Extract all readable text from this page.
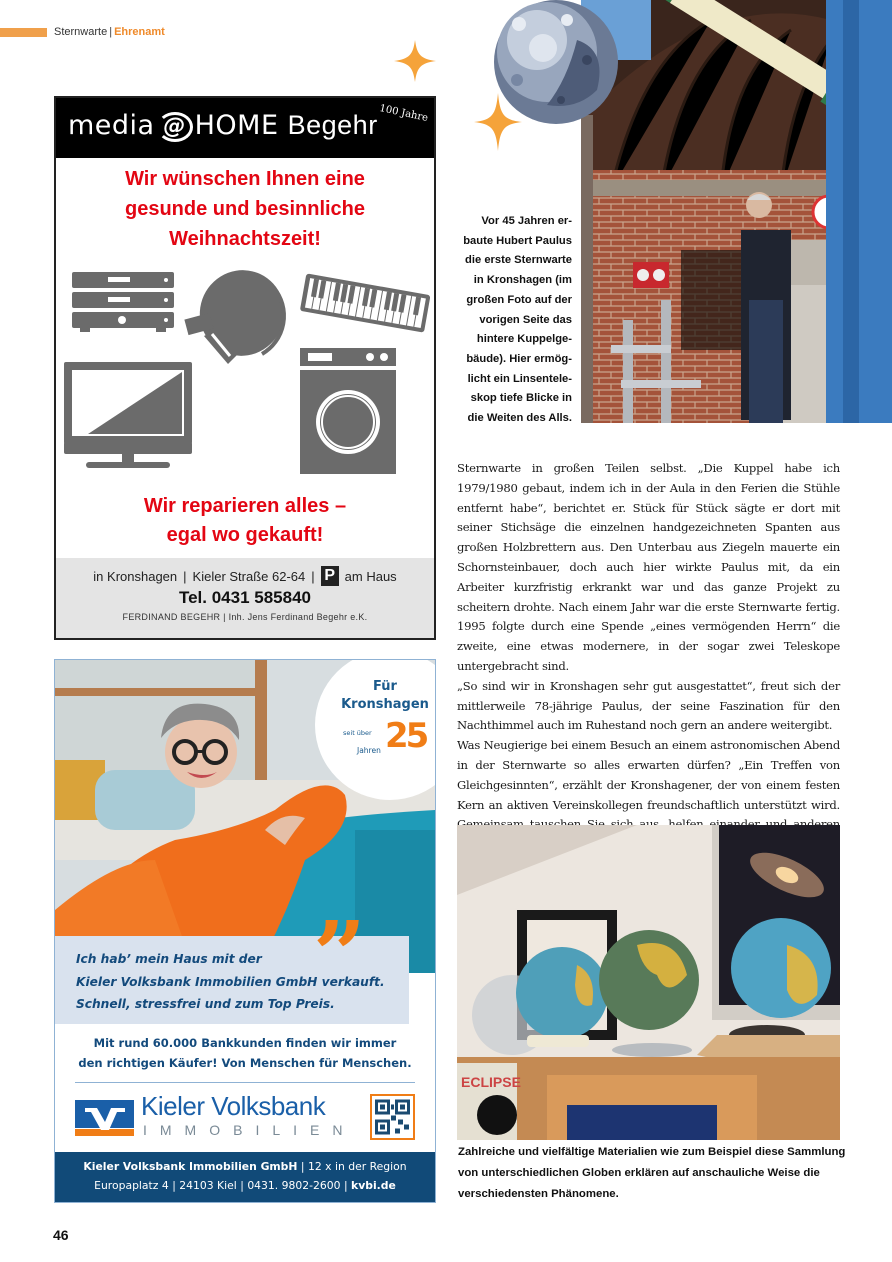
Sternwarte | Ehrenamt
media @ HOME Begehr 100 Jahre
Wir wünschen Ihnen eine
gesunde und besinnliche
Weihnachtszeit!
Wir reparieren alles –
egal wo gekauft!
in Kronshagen | Kieler Straße 62-64 | P am Haus
Tel. 0431 585840
FERDINAND BEGEHR | Inh. Jens Ferdinand Begehr e.K.
Vor 45 Jahren er-
baute Hubert Paulus
die erste Sternwarte
in Kronshagen (im
großen Foto auf der
vorigen Seite das
hintere Kuppelge-
bäude). Hier ermög-
licht ein Linsentele-
skop tiefe Blicke in
die Weiten des Alls.

Sternwarte in großen Teilen selbst. „Die Kuppel habe ich 1979/1980 gebaut, indem ich in der Aula in den Ferien die Stühle entfernt habe“, berichtet er. Stück für Stück sägte er dort mit seiner Stichsäge die einzelnen handgezeichneten Spanten aus großen Holzbrettern aus. Den Unterbau aus Ziegeln mauerte ein Schornsteinbauer, doch auch hier wirkte Paulus mit, da ein Arbeiter kurzfristig erkrankt war und das ganze Projekt zu scheitern drohte. Nach einem Jahr war die erste Sternwarte fertig. 1995 folgte durch eine Spende „eines vermögenden Herrn“ die zweite, eine etwas modernere, in der sogar zwei Teleskope untergebracht sind.

„So sind wir in Kronshagen sehr gut ausgestattet“, freut sich der mittlerweile 78-jährige Paulus, der seine Faszination für den Nachthimmel auch im Ruhestand noch gern an andere weitergibt.

Was Neugierige bei einem Besuch an einem astronomischen Abend in der Sternwarte so alles erwarten dürfen? „Ein Treffen von Gleichgesinnten“, erzählt der Kronshagener, der von einem festen Kern an aktiven Vereinskollegen freundschaftlich unterstützt wird.

ECLIPSE
Zahlreiche und vielfältige Materialien wie zum Beispiel diese Sammlung von unterschiedlichen Globen erklären auf anschauliche Weise die verschiedensten Phänomene.
Für
Kronshagen
seit über
Jahren 25
”
Ich hab’ mein Haus mit der
Kieler Volksbank Immobilien GmbH verkauft.
Schnell, stressfrei und zum Top Preis.
Mit rund 60.000 Bankkunden finden wir immer
den richtigen Käufer! Von Menschen für Menschen.
Kieler Volksbank
IMMOBILIEN
Kieler Volksbank Immobilien GmbH | 12 x in der Region
Europaplatz 4 | 24103 Kiel | 0431. 9802-2600 | kvbi.de
46
